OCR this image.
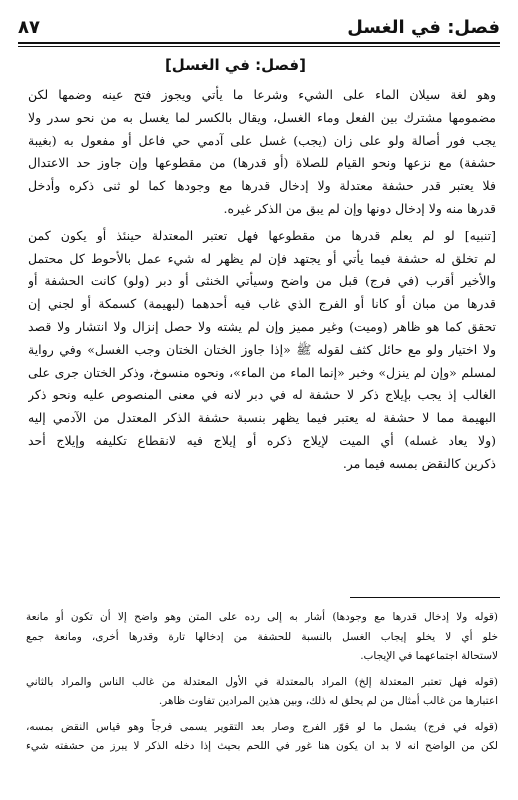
فصل: في الغسل
٨٧
[فصل: في الغسل]
وهو لغة سيلان الماء على الشيء وشرعا ما يأتي ويجوز فتح عينه وضمها لكن
مضمومها مشترك بين الفعل وماء الغسل، ويقال بالكسر لما يغسل به من نحو سدر ولا
يجب فور أصالة ولو على زان (يجب) غسل على آدمي حي فاعل أو مفعول به (بغيبة
حشفة) مع نزعها ونحو القيام للصلاة (أو قدرها) من مقطوعها وإن جاوز حد الاعتدال
فلا يعتبر قدر حشفة معتدلة ولا إدخال قدرها مع وجودها كما لو ثنى ذكره وأدخل
قدرها منه ولا إدخال دونها وإن لم يبق من الذكر غيره.
[تنبيه] لو لم يعلم قدرها من مقطوعها فهل تعتبر المعتدلة حينئذ أو يكون كمن
لم تخلق له حشفة فيما يأتي أو يجتهد فإن لم يظهر له شيء عمل بالأحوط كل محتمل
والأخير أقرب (في فرج) قبل من واضح وسيأتي الخنثى أو دبر (ولو) كانت الحشفة أو
قدرها من مبان أو كانا أو الفرج الذي غاب فيه أحدهما (لبهيمة) كسمكة أو لجني إن
تحقق كما هو ظاهر (وميت) وغير مميز وإن لم يشته ولا حصل إنزال ولا انتشار ولا قصد
ولا اختيار ولو مع حائل كثف لقوله ﷺ «إذا جاوز الختان الختان وجب الغسل» وفي رواية
لمسلم «وإن لم ينزل» وخبر «إنما الماء من الماء»، ونحوه منسوخ، وذكر الختان جرى على
الغالب إذ يجب بإيلاج ذكر لا حشفة له في دبر لانه في معنى المنصوص عليه ونحو ذكر
البهيمة مما لا حشفة له يعتبر فيما يظهر بنسبة حشفة الذكر المعتدل من الآدمي إليه
(ولا يعاد غسله) أي الميت لإيلاج ذكره أو إيلاج فيه لانقطاع تكليفه وإيلاج أحد
ذكرين كالنقض بمسه فيما مر.
(قوله ولا إدخال قدرها مع وجودها) أشار به إلى رده على المتن وهو واضح إلا أن تكون أو مانعة
خلو أي لا يخلو إيجاب الغسل بالنسبة للحشفة من إدخالها تارة وقدرها أخرى، ومانعة جمع
لاستحالة اجتماعهما في الإيجاب.
(قوله فهل تعتبر المعتدلة إلخ) المراد بالمعتدلة في الأول المعتدلة من غالب الناس والمراد بالثاني
اعتبارها من غالب أمثال من لم يحلق له ذلك، وبين هذين المرادين تفاوت ظاهر.
(قوله في فرج) يشمل ما لو قوّر الفرج وصار بعد التقوير يسمى فرجاً وهو قياس النقض بمسه،
لكن من الواضح انه لا بد ان يكون هنا غور في اللحم بحيث إذا دخله الذكر لا يبرز من حشفته شيء
